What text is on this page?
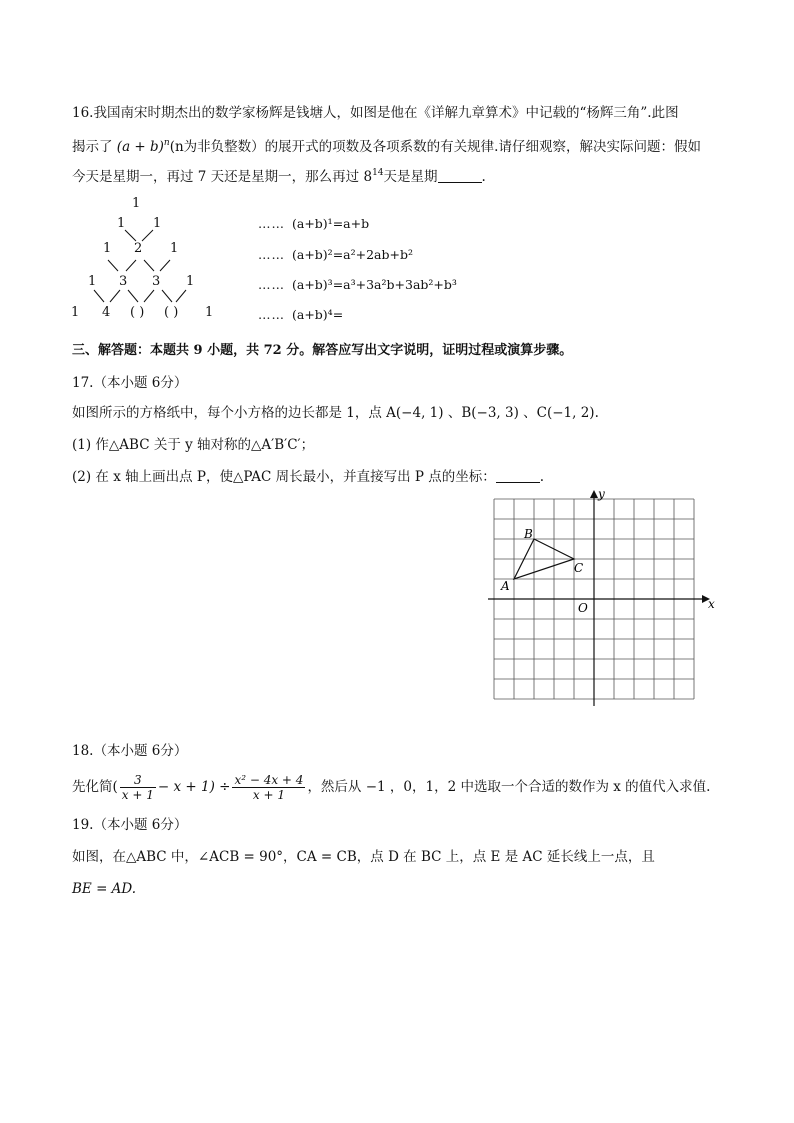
16.我国南宋时期杰出的数学家杨辉是钱塘人，如图是他在《详解九章算术》中记载的“杨辉三角”.此图
揭示了 $(a + b)^n(n$为非负整数）的展开式的项数及各项系数的有关规律.请仔细观察，解决实际问题：假如
今天是星期一，再过 7 天还是星期一，那么再过 $8^{14}$天是星期	.
1
1 1
1 2 1
1 3 3 1
1 4 ( ) ( ) 1
…… (a+b)¹=a+b
…… (a+b)²=a²+2ab+b²
…… (a+b)³=a³+3a²b+3ab²+b³
…… (a+b)⁴=
三、解答题：本题共 9 小题，共 72 分。解答应写出文字说明，证明过程或演算步骤。
17.（本小题 6分）
如图所示的方格纸中，每个小方格的边长都是 1，点 A(−4, 1) 、B(−3, 3) 、C(−1, 2).
(1) 作△ABC 关于 y 轴对称的△A′B′C′；
(2) 在 x 轴上画出点 P，使△PAC 周长最小，并直接写出 P 点的坐标：	.
x
y
O
A
B
C
18.（本小题 6分）
先化简( $\frac{3}{x + 1} - x + 1) \div \frac{\text{x² − 4x + 4}}{x + 1}$ ，然后从 −1 ，0，1，2 中选取一个合适的数作为 x 的值代入求值.
19.（本小题 6分）
如图，在△ABC 中，∠ACB = 90°，CA = CB，点 D 在 BC 上，点 E 是 AC 延长线上一点，且
BE = AD.
